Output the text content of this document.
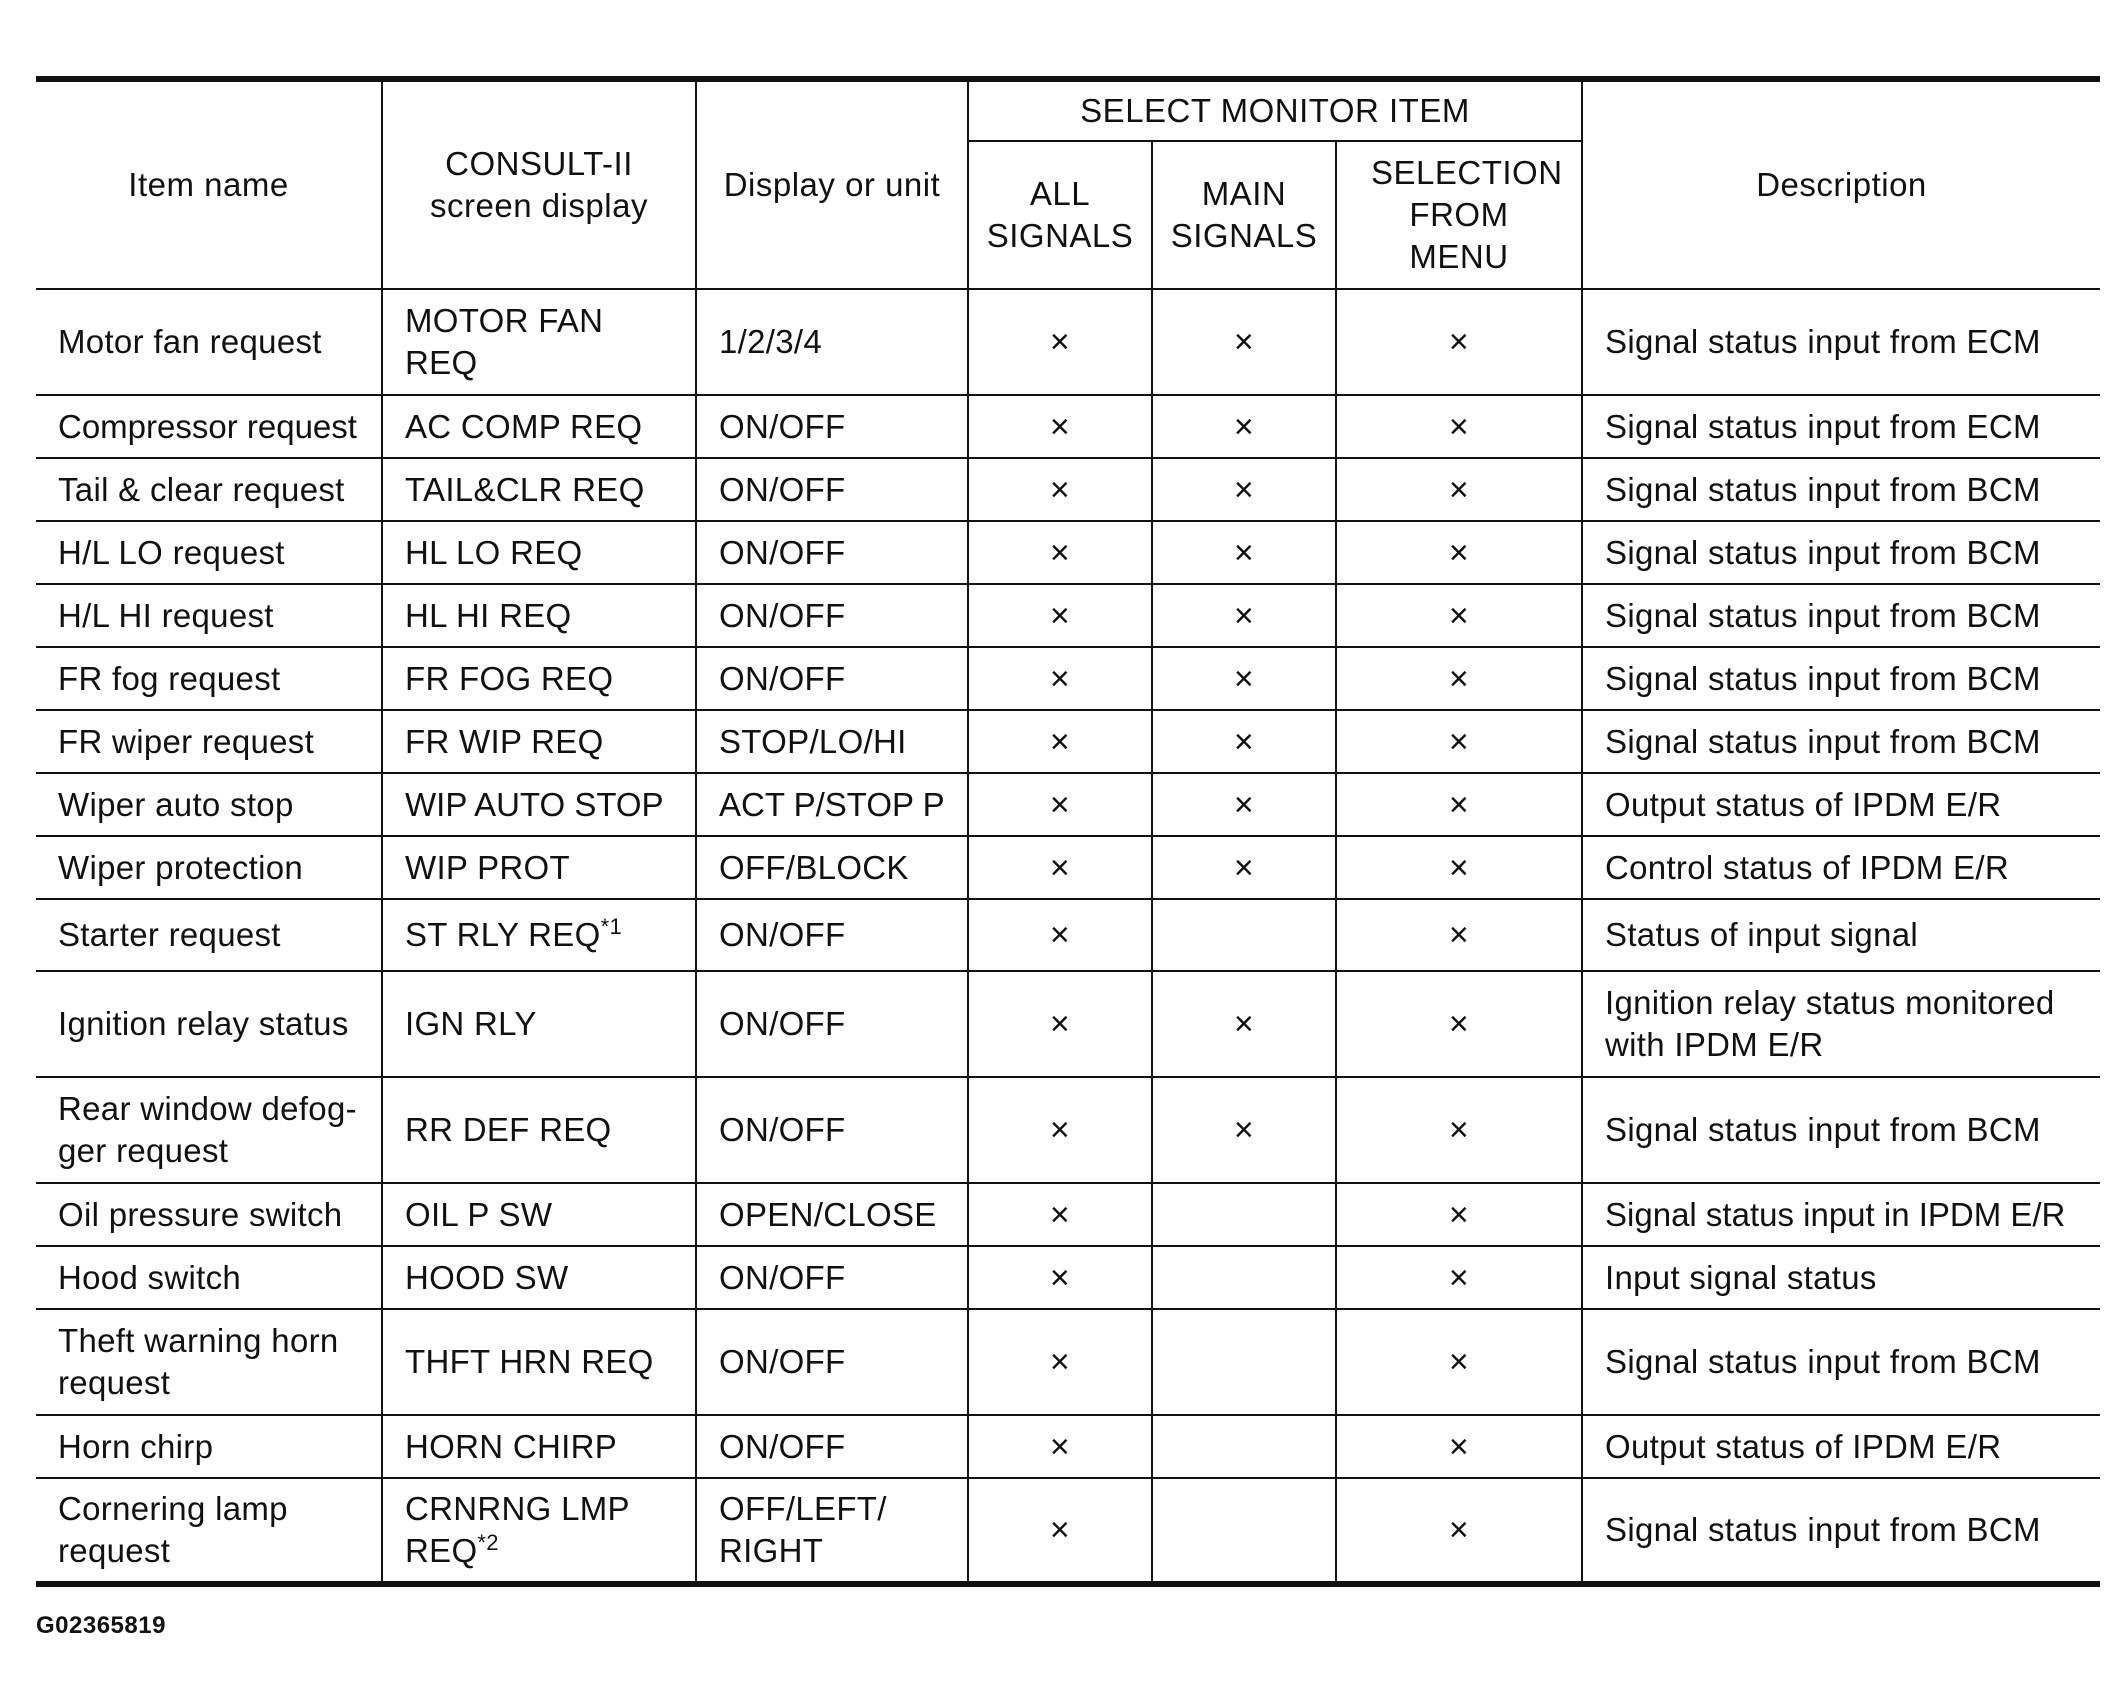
Item name	CONSULT-II screen display	Display or unit	SELECT MONITOR ITEM			Description
			ALL SIGNALS	MAIN SIGNALS	SELECTION FROM MENU	
Motor fan request	MOTOR FAN REQ	1/2/3/4	×	×	×	Signal status input from ECM
Compressor request	AC COMP REQ	ON/OFF	×	×	×	Signal status input from ECM
Tail & clear request	TAIL&CLR REQ	ON/OFF	×	×	×	Signal status input from BCM
H/L LO request	HL LO REQ	ON/OFF	×	×	×	Signal status input from BCM
H/L HI request	HL HI REQ	ON/OFF	×	×	×	Signal status input from BCM
FR fog request	FR FOG REQ	ON/OFF	×	×	×	Signal status input from BCM
FR wiper request	FR WIP REQ	STOP/LO/HI	×	×	×	Signal status input from BCM
Wiper auto stop	WIP AUTO STOP	ACT P/STOP P	×	×	×	Output status of IPDM E/R
Wiper protection	WIP PROT	OFF/BLOCK	×	×	×	Control status of IPDM E/R
Starter request	ST RLY REQ$^{*1}$	ON/OFF	×		×	Status of input signal
Ignition relay status	IGN RLY	ON/OFF	×	×	×	Ignition relay status monitored with IPDM E/R
Rear window defog-ger request	RR DEF REQ	ON/OFF	×	×	×	Signal status input from BCM
Oil pressure switch	OIL P SW	OPEN/CLOSE	×		×	Signal status input in IPDM E/R
Hood switch	HOOD SW	ON/OFF	×		×	Input signal status
Theft warning horn request	THFT HRN REQ	ON/OFF	×		×	Signal status input from BCM
Horn chirp	HORN CHIRP	ON/OFF	×		×	Output status of IPDM E/R
Cornering lamp request	CRNRNG LMP REQ$^{*2}$	OFF/LEFT/ RIGHT	×		×	Signal status input from BCM
G02365819
